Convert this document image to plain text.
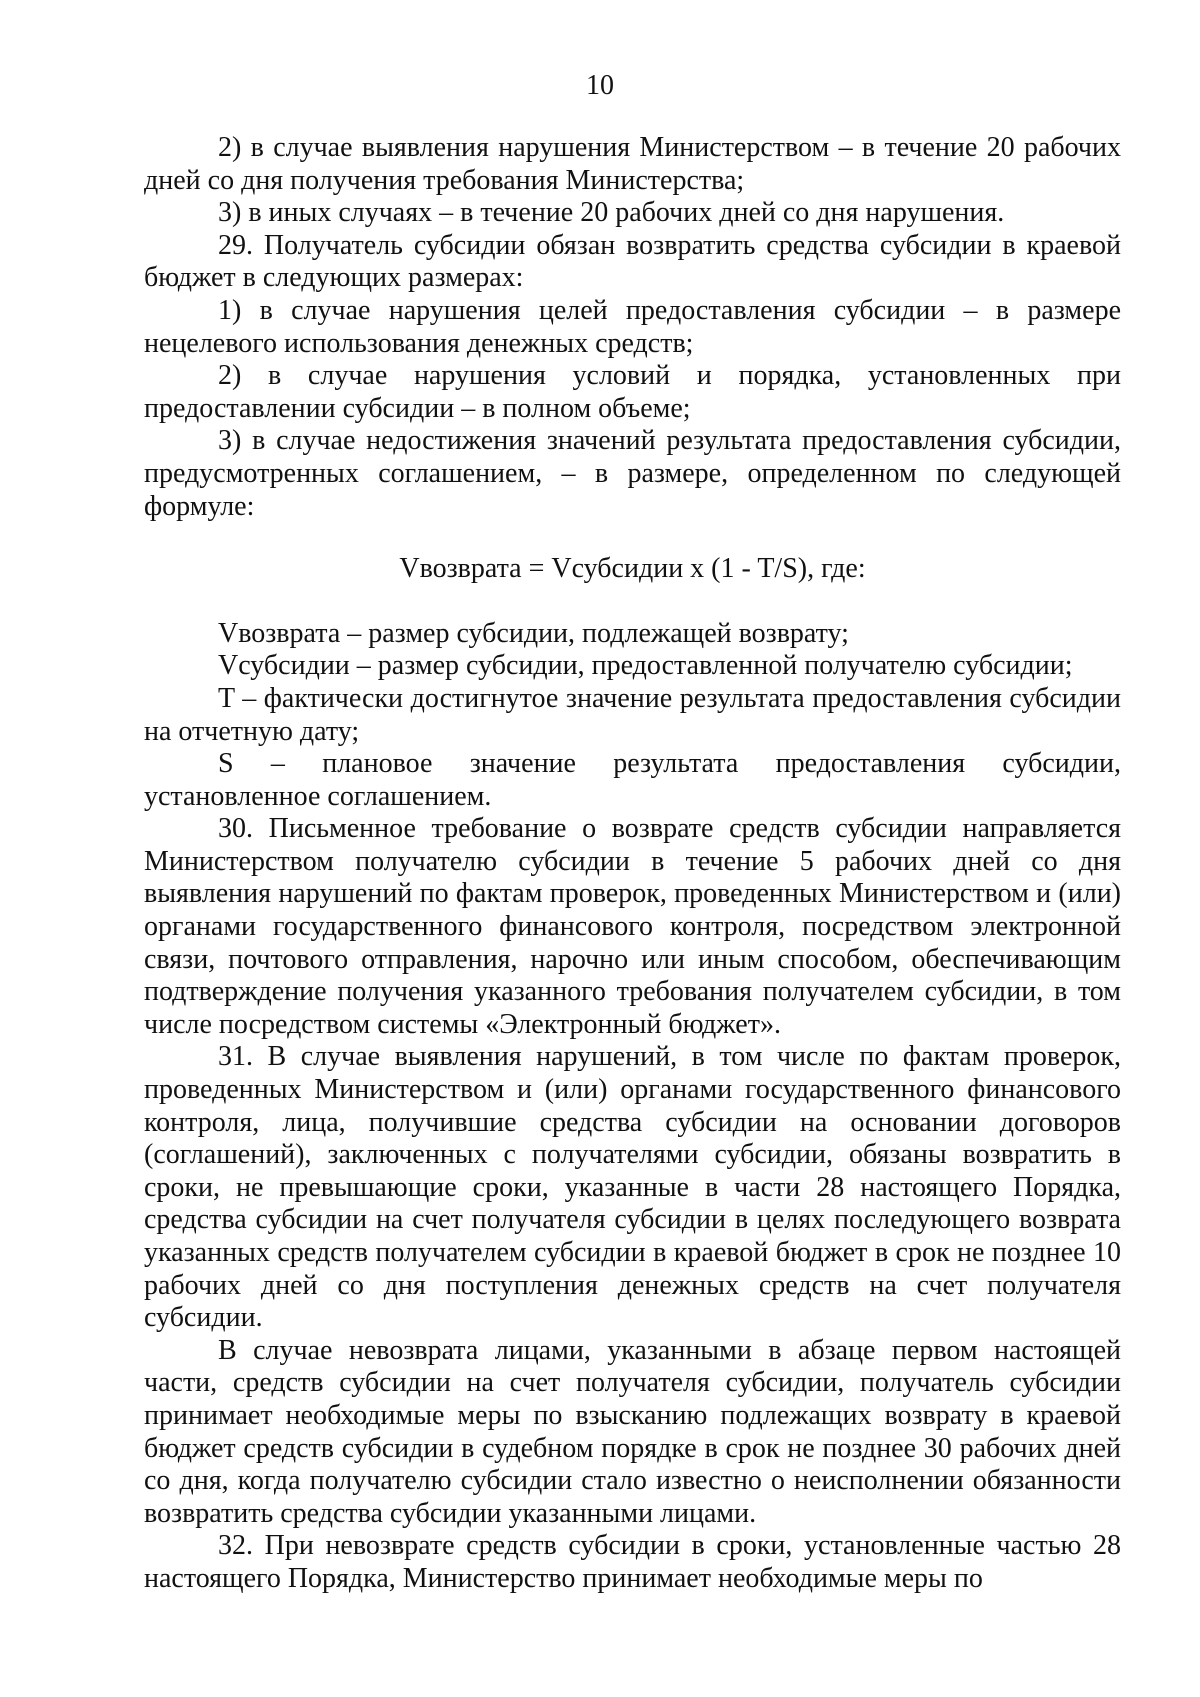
10

2) в случае выявления нарушения Министерством – в течение 20 рабочих дней со дня получения требования Министерства;

3) в иных случаях – в течение 20 рабочих дней со дня нарушения.

29. Получатель субсидии обязан возвратить средства субсидии в краевой бюджет в следующих размерах:

1) в случае нарушения целей предоставления субсидии – в размере нецелевого использования денежных средств;

2) в случае нарушения условий и порядка, установленных при предоставлении субсидии – в полном объеме;

3) в случае недостижения значений результата предоставления субсидии, предусмотренных соглашением, – в размере, определенном по следующей формуле:

Vвозврата = Vсубсидии x (1 - T/S), где:

Vвозврата – размер субсидии, подлежащей возврату;

Vсубсидии – размер субсидии, предоставленной получателю субсидии;

T – фактически достигнутое значение результата предоставления субсидии на отчетную дату;

S – плановое значение результата предоставления субсидии, установленное соглашением.

30. Письменное требование о возврате средств субсидии направляется Министерством получателю субсидии в течение 5 рабочих дней со дня выявления нарушений по фактам проверок, проведенных Министерством и (или) органами государственного финансового контроля, посредством электронной связи, почтового отправления, нарочно или иным способом, обеспечивающим подтверждение получения указанного требования получателем субсидии, в том числе посредством системы «Электронный бюджет».

31. В случае выявления нарушений, в том числе по фактам проверок, проведенных Министерством и (или) органами государственного финансового контроля, лица, получившие средства субсидии на основании договоров (соглашений), заключенных с получателями субсидии, обязаны возвратить в сроки, не превышающие сроки, указанные в части 28 настоящего Порядка, средства субсидии на счет получателя субсидии в целях последующего возврата указанных средств получателем субсидии в краевой бюджет в срок не позднее 10 рабочих дней со дня поступления денежных средств на счет получателя субсидии.

В случае невозврата лицами, указанными в абзаце первом настоящей части, средств субсидии на счет получателя субсидии, получатель субсидии принимает необходимые меры по взысканию подлежащих возврату в краевой бюджет средств субсидии в судебном порядке в срок не позднее 30 рабочих дней со дня, когда получателю субсидии стало известно о неисполнении обязанности возвратить средства субсидии указанными лицами.

32. При невозврате средств субсидии в сроки, установленные частью 28 настоящего Порядка, Министерство принимает необходимые меры по
